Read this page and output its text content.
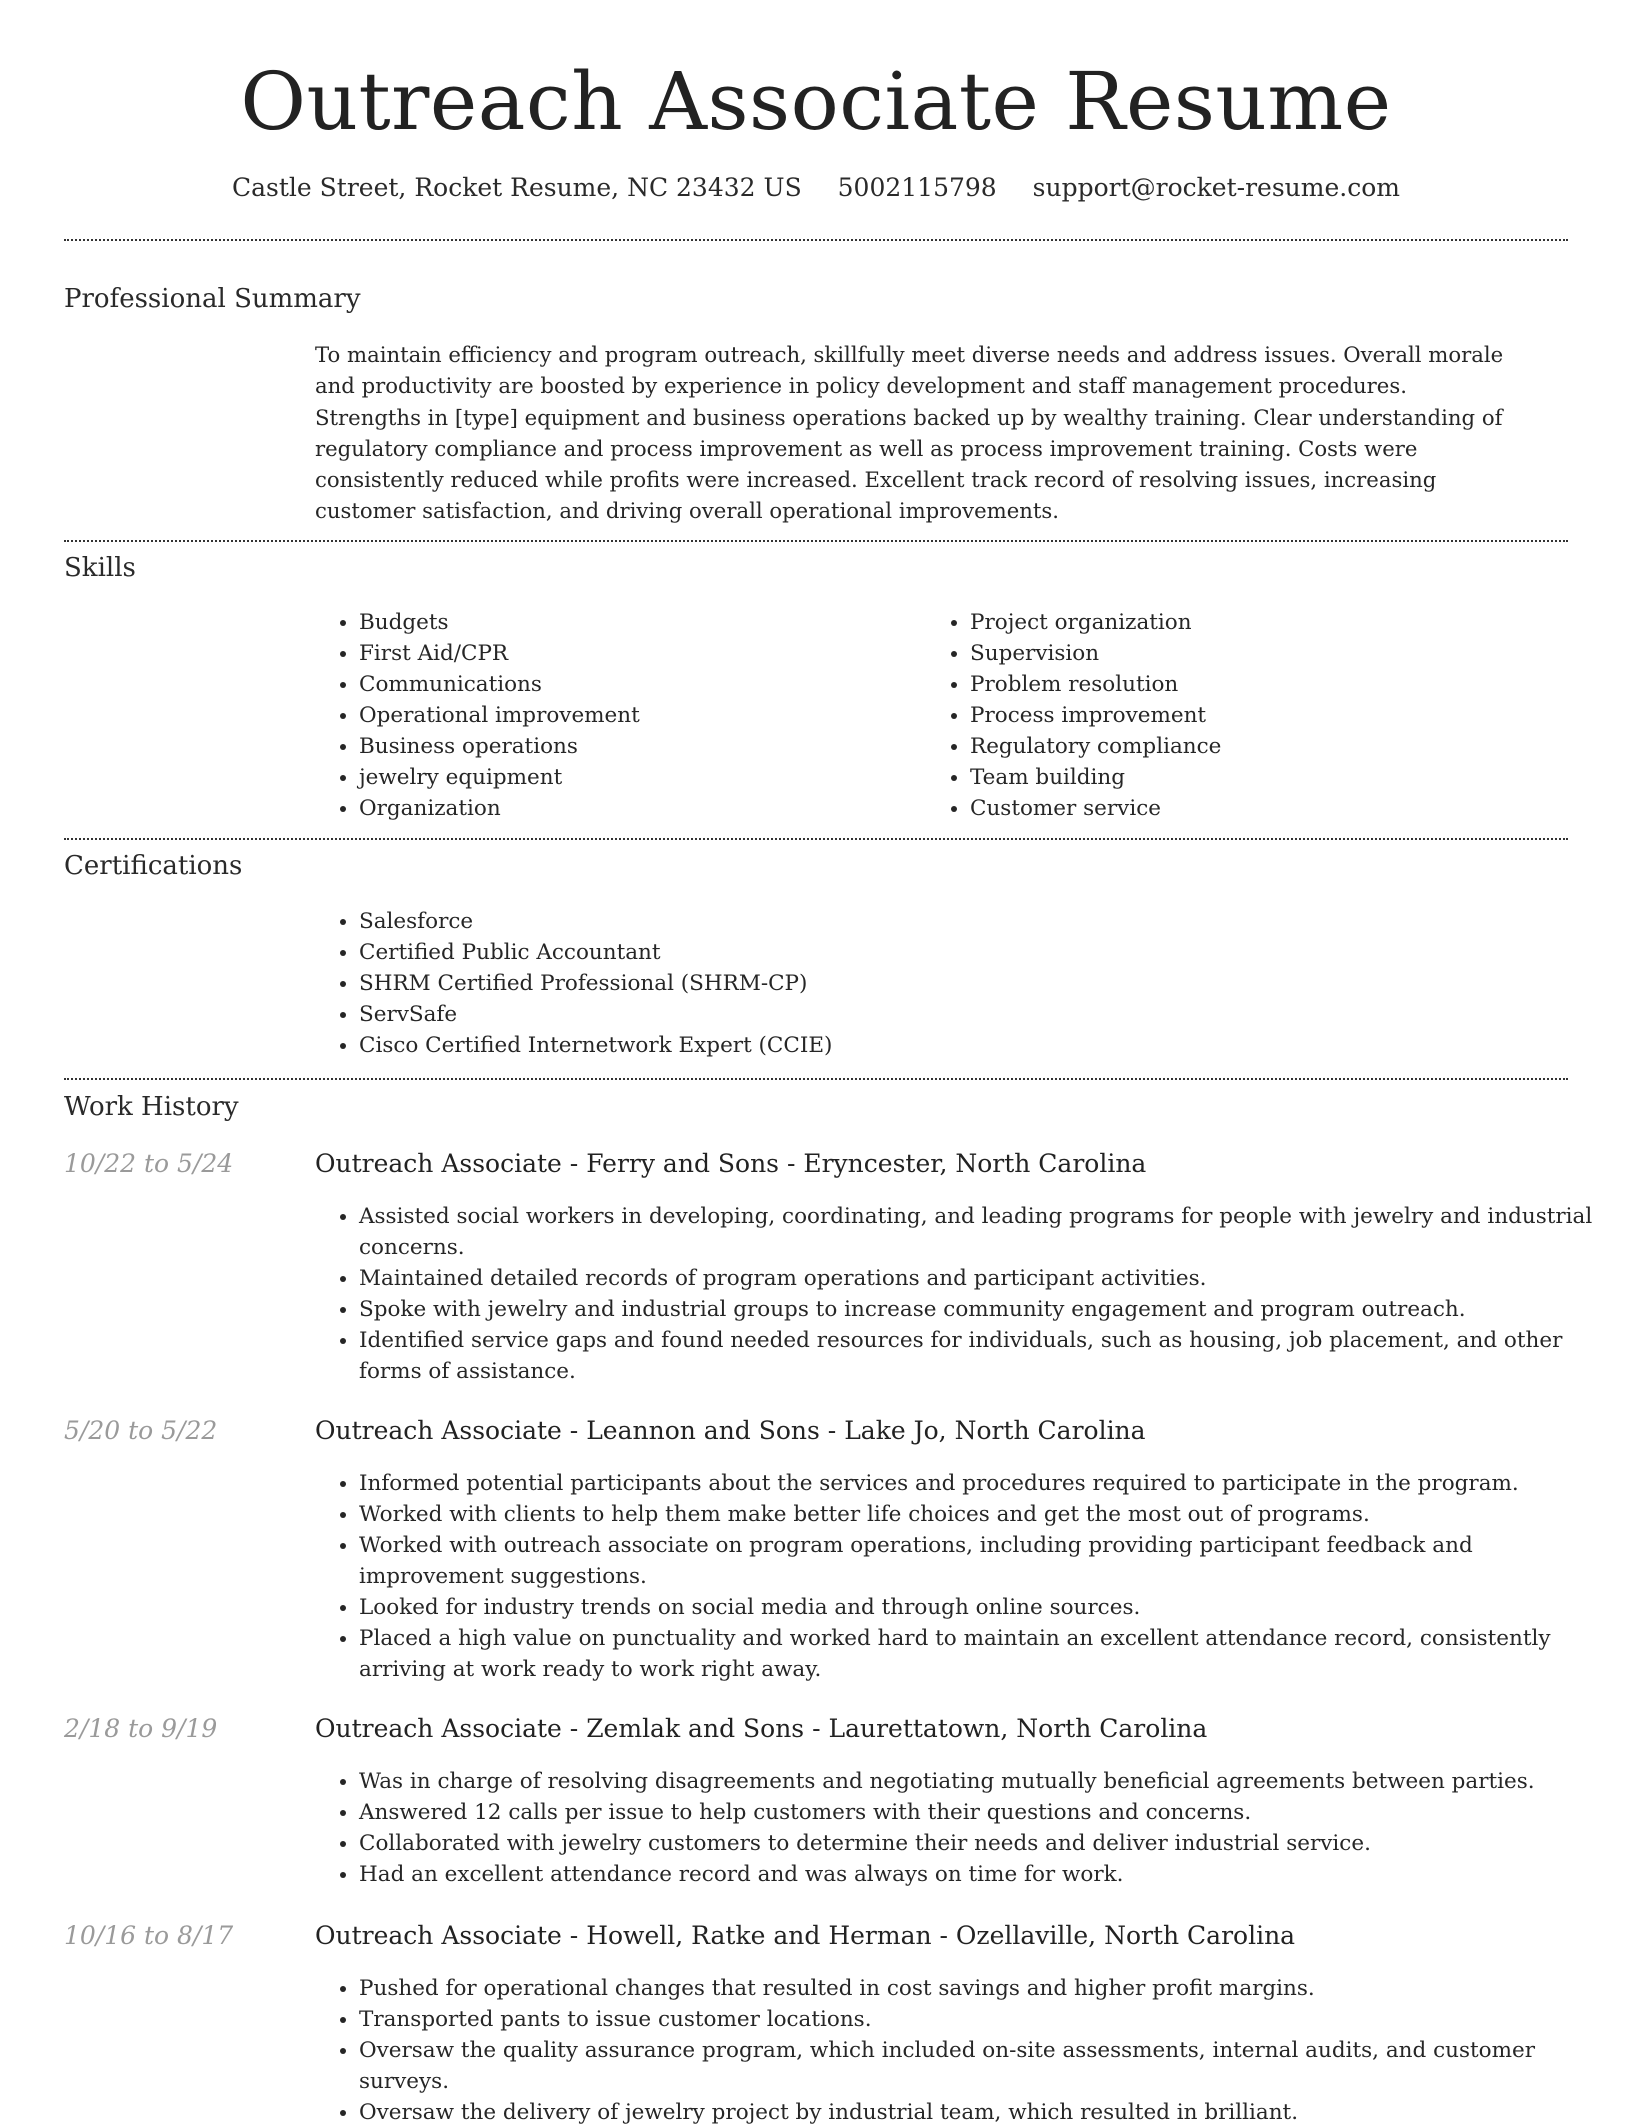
Outreach Associate Resume
Castle Street, Rocket Resume, NC 23432 US 5002115798 support@rocket-resume.com
Professional Summary

To maintain efficiency and program outreach, skillfully meet diverse needs and address issues. Overall morale and productivity are boosted by experience in policy development and staff management procedures. Strengths in [type] equipment and business operations backed up by wealthy training. Clear understanding of regulatory compliance and process improvement as well as process improvement training. Costs were consistently reduced while profits were increased. Excellent track record of resolving issues, increasing customer satisfaction, and driving overall operational improvements.

Skills
• Budgets
• First Aid/CPR
• Communications
• Operational improvement
• Business operations
• jewelry equipment
• Organization
• Project organization
• Supervision
• Problem resolution
• Process improvement
• Regulatory compliance
• Team building
• Customer service
Certifications
• Salesforce
• Certified Public Accountant
• SHRM Certified Professional (SHRM-CP)
• ServSafe
• Cisco Certified Internetwork Expert (CCIE)
Work History
10/22 to 5/24	Outreach Associate - Ferry and Sons - Eryncester, North Carolina
• Assisted social workers in developing, coordinating, and leading programs for people with jewelry and industrial concerns.
• Maintained detailed records of program operations and participant activities.
• Spoke with jewelry and industrial groups to increase community engagement and program outreach.
• Identified service gaps and found needed resources for individuals, such as housing, job placement, and other forms of assistance.
5/20 to 5/22	Outreach Associate - Leannon and Sons - Lake Jo, North Carolina
• Informed potential participants about the services and procedures required to participate in the program.
• Worked with clients to help them make better life choices and get the most out of programs.
• Worked with outreach associate on program operations, including providing participant feedback and improvement suggestions.
• Looked for industry trends on social media and through online sources.
• Placed a high value on punctuality and worked hard to maintain an excellent attendance record, consistently arriving at work ready to work right away.
2/18 to 9/19	Outreach Associate - Zemlak and Sons - Laurettatown, North Carolina
• Was in charge of resolving disagreements and negotiating mutually beneficial agreements between parties.
• Answered 12 calls per issue to help customers with their questions and concerns.
• Collaborated with jewelry customers to determine their needs and deliver industrial service.
• Had an excellent attendance record and was always on time for work.
10/16 to 8/17	Outreach Associate - Howell, Ratke and Herman - Ozellaville, North Carolina
• Pushed for operational changes that resulted in cost savings and higher profit margins.
• Transported pants to issue customer locations.
• Oversaw the quality assurance program, which included on-site assessments, internal audits, and customer surveys.
• Oversaw the delivery of jewelry project by industrial team, which resulted in brilliant.
